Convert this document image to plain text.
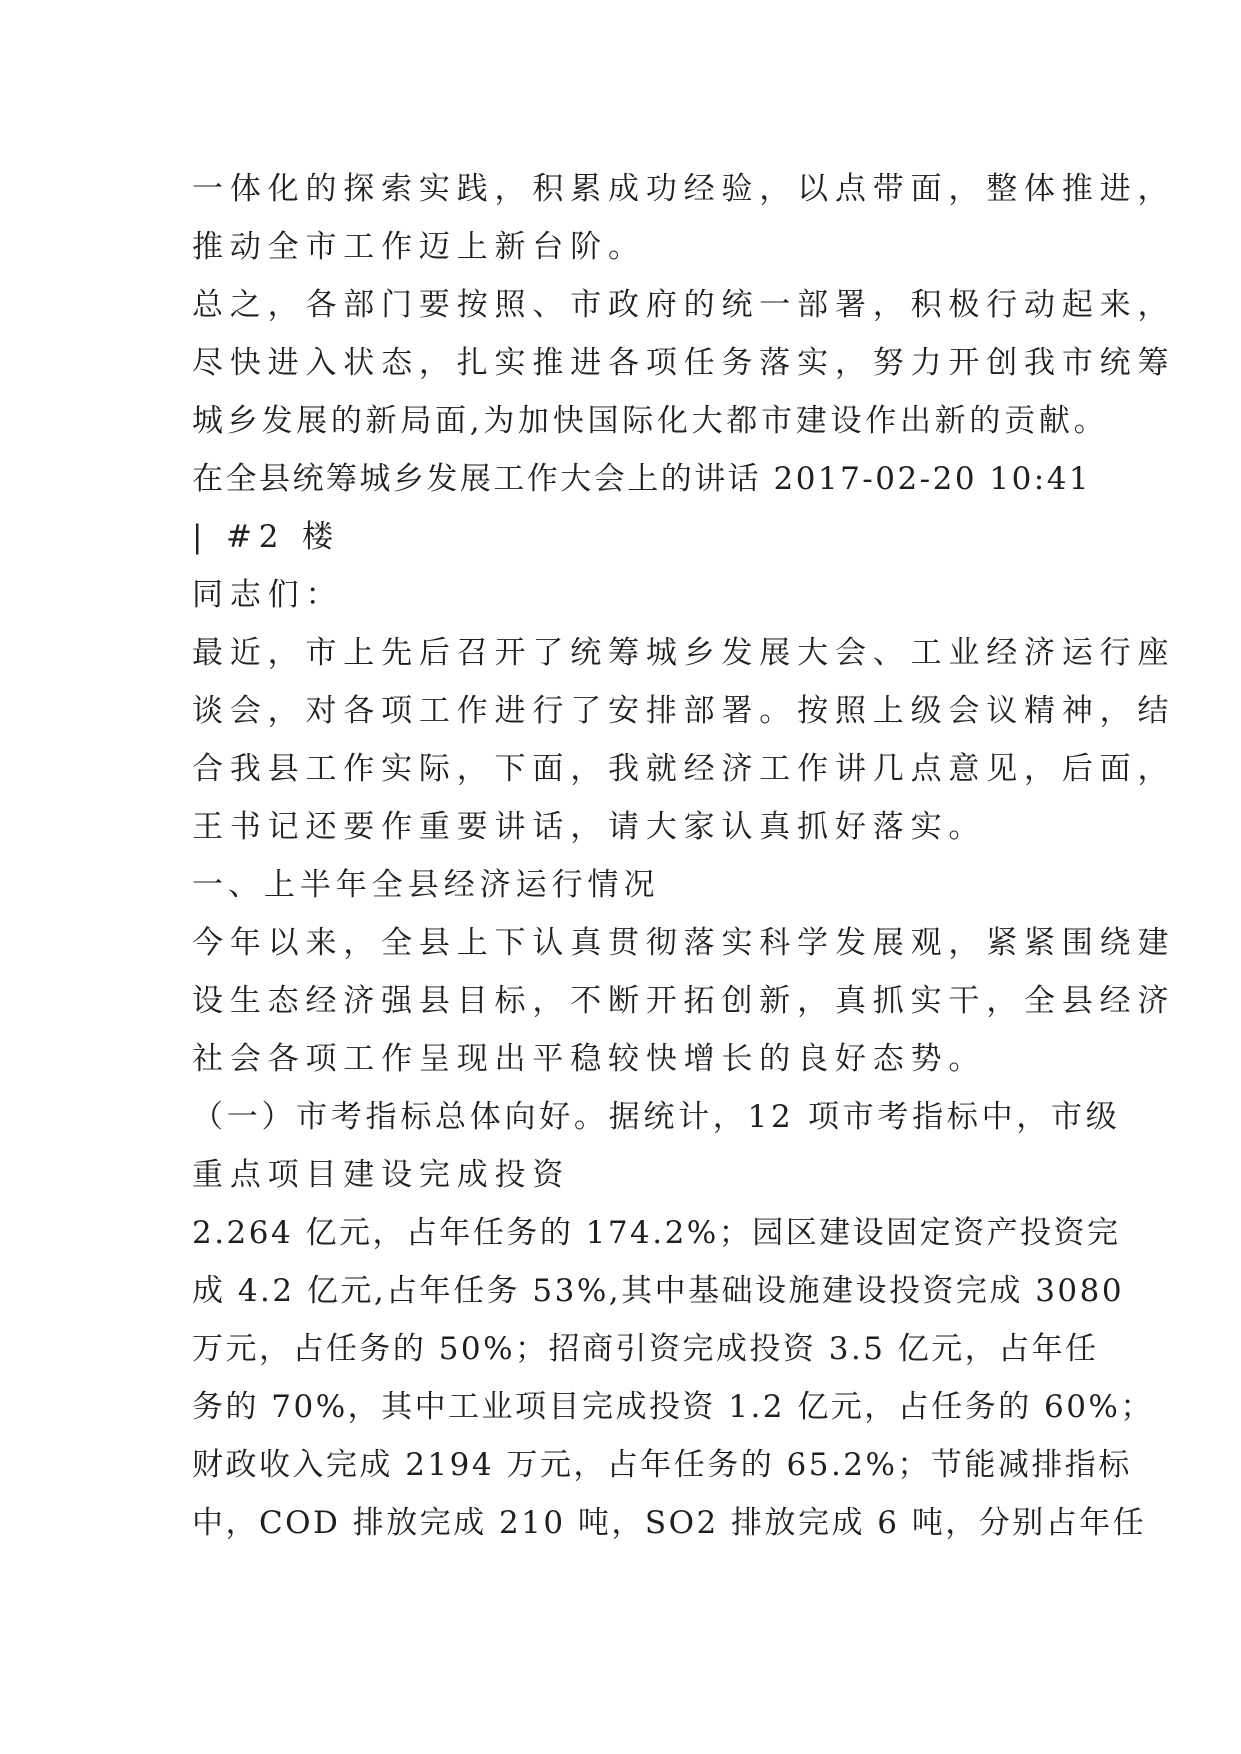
一体化的探索实践，积累成功经验，以点带面，整体推进，
推动全市工作迈上新台阶。
总之，各部门要按照、市政府的统一部署，积极行动起来，
尽快进入状态，扎实推进各项任务落实，努力开创我市统筹
城乡发展的新局面,为加快国际化大都市建设作出新的贡献。
在全县统筹城乡发展工作大会上的讲话 2017-02-20 10:41
| #2 楼
同志们：
最近，市上先后召开了统筹城乡发展大会、工业经济运行座
谈会，对各项工作进行了安排部署。按照上级会议精神，结
合我县工作实际，下面，我就经济工作讲几点意见，后面，
王书记还要作重要讲话，请大家认真抓好落实。
一、上半年全县经济运行情况
今年以来，全县上下认真贯彻落实科学发展观，紧紧围绕建
设生态经济强县目标，不断开拓创新，真抓实干，全县经济
社会各项工作呈现出平稳较快增长的良好态势。
（一）市考指标总体向好。据统计，12 项市考指标中，市级
重点项目建设完成投资
2.264 亿元，占年任务的 174.2%；园区建设固定资产投资完
成 4.2 亿元,占年任务 53%,其中基础设施建设投资完成 3080
万元，占任务的 50%；招商引资完成投资 3.5 亿元，占年任
务的 70%，其中工业项目完成投资 1.2 亿元，占任务的 60%；
财政收入完成 2194 万元，占年任务的 65.2%；节能减排指标
中，COD 排放完成 210 吨，SO2 排放完成 6 吨，分别占年任
